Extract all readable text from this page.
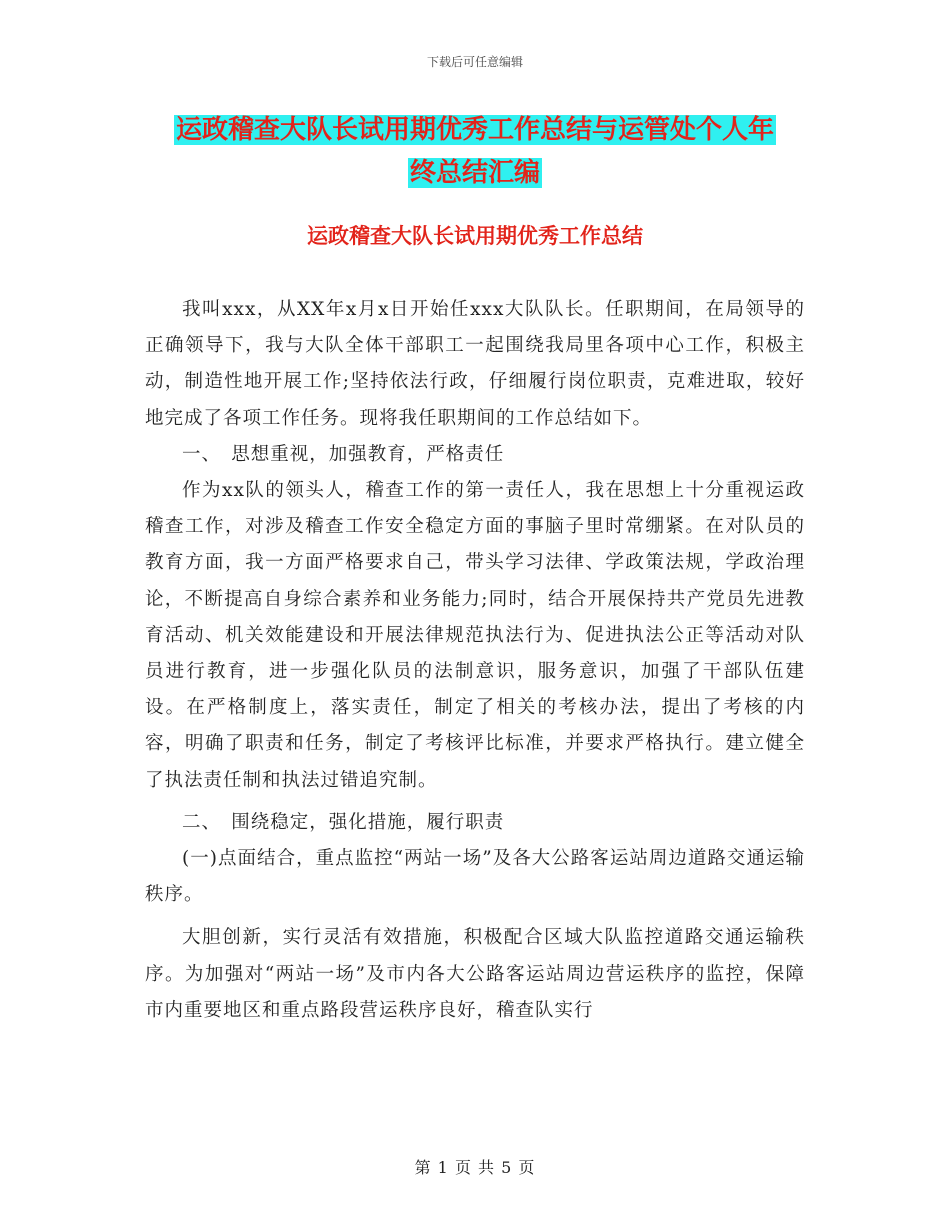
下载后可任意编辑
运政稽查大队长试用期优秀工作总结与运管处个人年
终总结汇编
运政稽查大队长试用期优秀工作总结

我叫xxx，从XX年x月x日开始任xxx大队队长。任职期间，在局领导的正确领导下，我与大队全体干部职工一起围绕我局里各项中心工作，积极主动，制造性地开展工作;坚持依法行政，仔细履行岗位职责，克难进取，较好地完成了各项工作任务。现将我任职期间的工作总结如下。

一、　思想重视，加强教育，严格责任

作为xx队的领头人，稽查工作的第一责任人，我在思想上十分重视运政稽查工作，对涉及稽查工作安全稳定方面的事脑子里时常绷紧。在对队员的教育方面，我一方面严格要求自己，带头学习法律、学政策法规，学政治理论，不断提高自身综合素养和业务能力;同时，结合开展保持共产党员先进教育活动、机关效能建设和开展法律规范执法行为、促进执法公正等活动对队员进行教育，进一步强化队员的法制意识，服务意识，加强了干部队伍建设。在严格制度上，落实责任，制定了相关的考核办法，提出了考核的内容，明确了职责和任务，制定了考核评比标准，并要求严格执行。建立健全了执法责任制和执法过错追究制。

二、　围绕稳定，强化措施，履行职责

(一)点面结合，重点监控“两站一场”及各大公路客运站周边道路交通运输秩序。

大胆创新，实行灵活有效措施，积极配合区域大队监控道路交通运输秩序。为加强对“两站一场”及市内各大公路客运站周边营运秩序的监控，保障市内重要地区和重点路段营运秩序良好，稽查队实行

第 1 页 共 5 页
